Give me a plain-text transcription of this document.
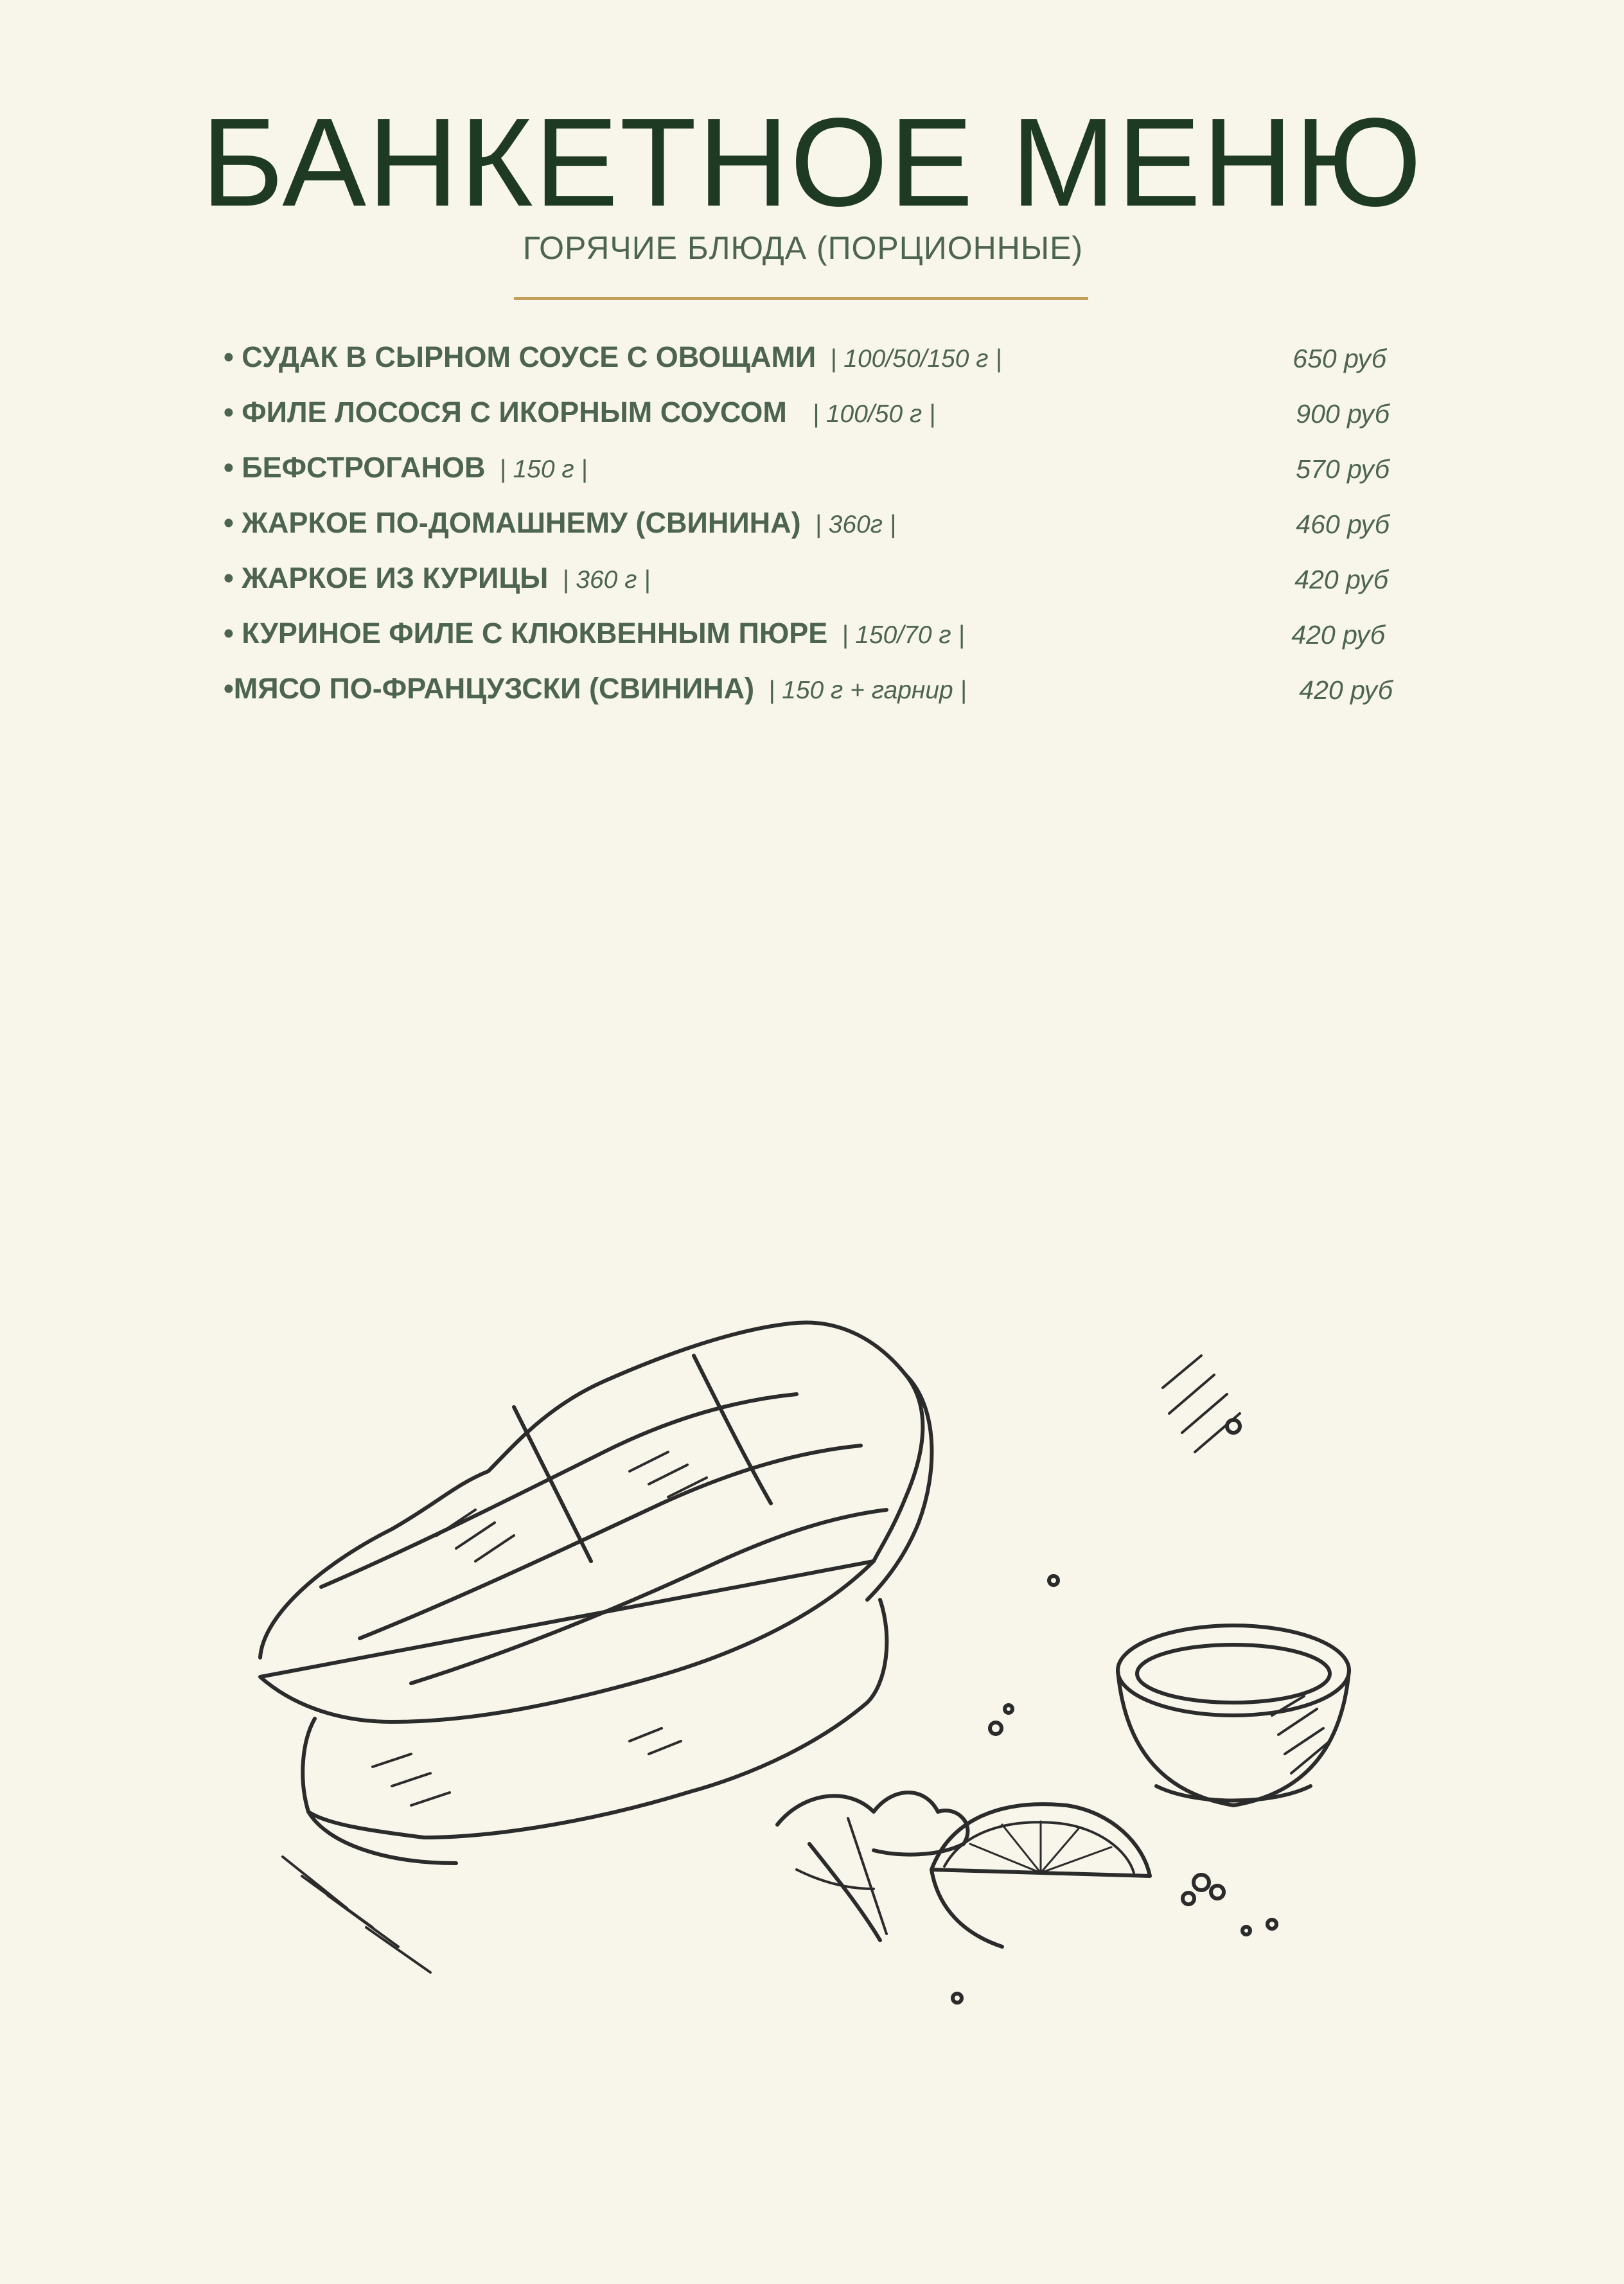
БАНКЕТНОЕ МЕНЮ
ГОРЯЧИЕ БЛЮДА (ПОРЦИОННЫЕ)
• СУДАК В СЫРНОМ СОУСЕ С ОВОЩАМИ | 100/50/150 г |	650 руб
• ФИЛЕ ЛОСОСЯ С ИКОРНЫМ СОУСОМ | 100/50 г |	900 руб
• БЕФСТРОГАНОВ | 150 г |	570 руб
• ЖАРКОЕ ПО-ДОМАШНЕМУ (СВИНИНА) | 360г |	460 руб
• ЖАРКОЕ ИЗ КУРИЦЫ | 360 г |	420 руб
• КУРИНОЕ ФИЛЕ С КЛЮКВЕННЫМ ПЮРЕ | 150/70 г |	420 руб
•МЯСО ПО-ФРАНЦУЗСКИ (СВИНИНА) | 150 г + гарнир |	420 руб
